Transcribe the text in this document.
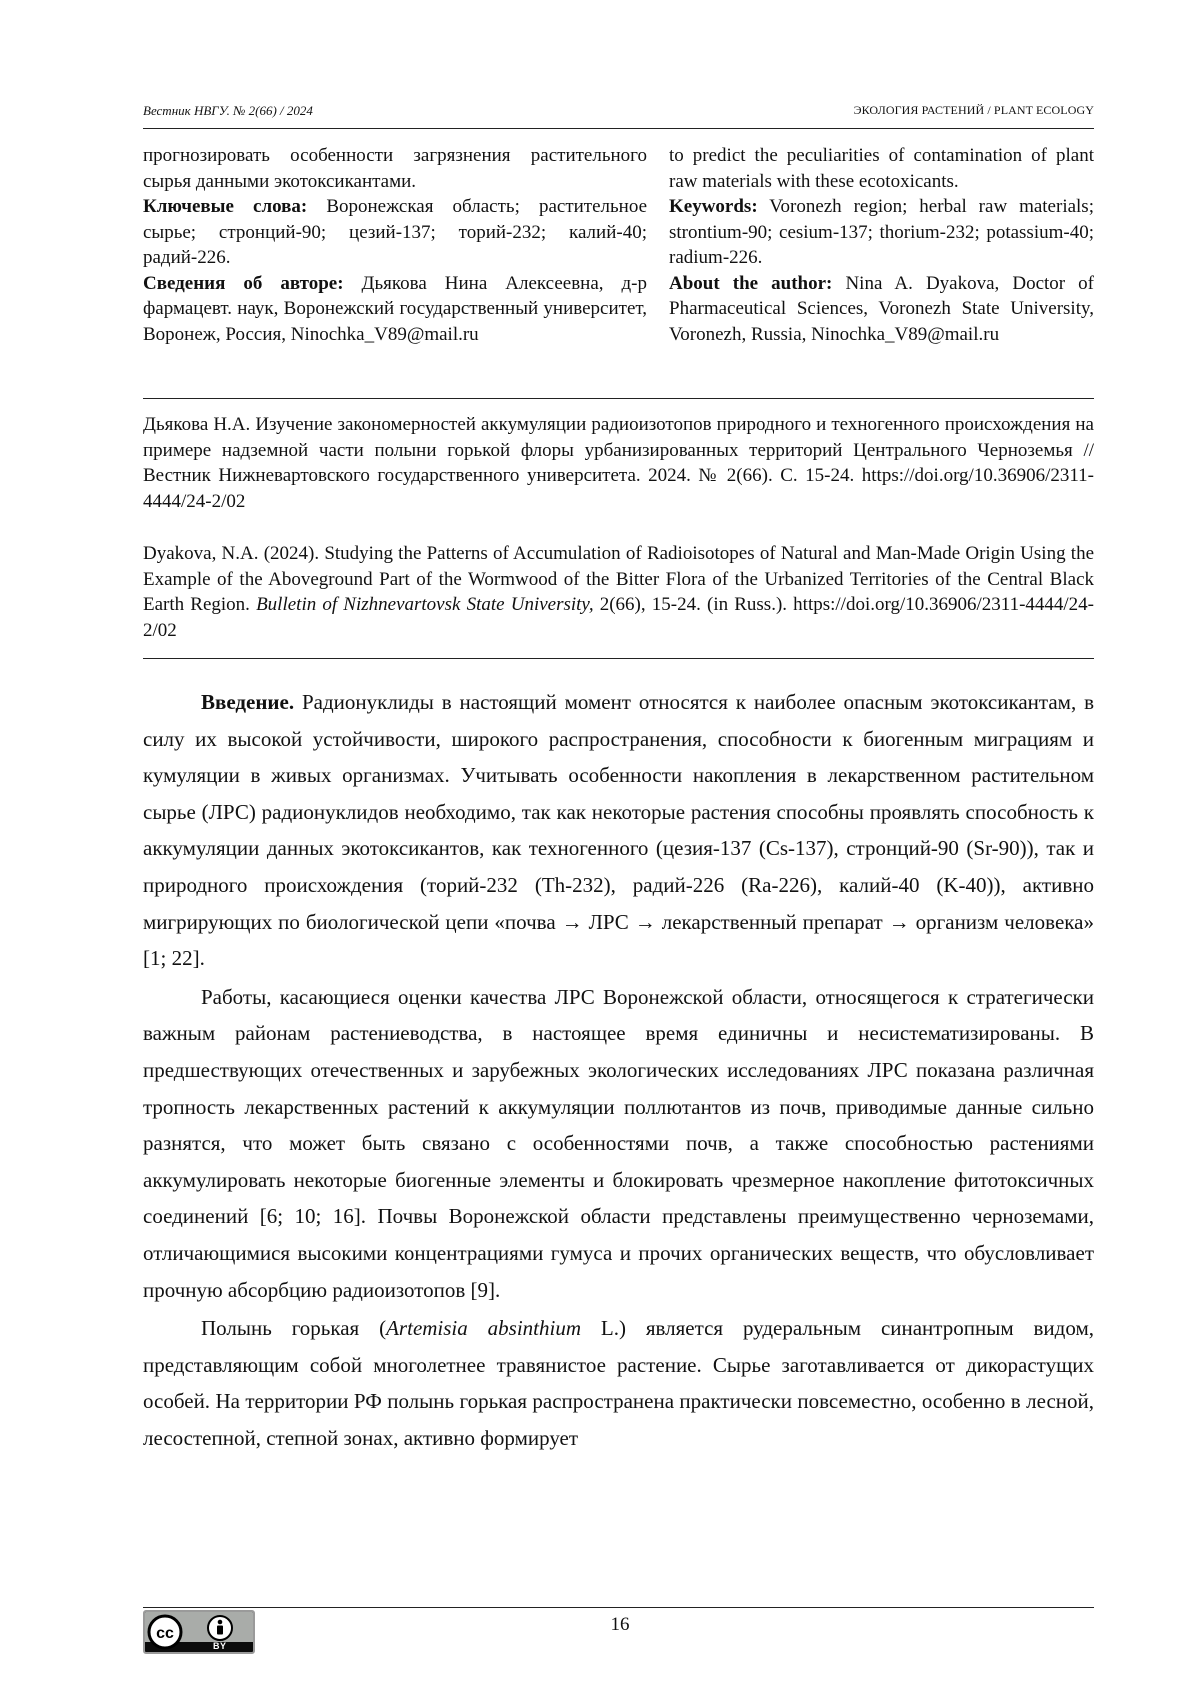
Вестник НВГУ. № 2(66) / 2024	ЭКОЛОГИЯ РАСТЕНИЙ / PLANT ECOLOGY

прогнозировать особенности загрязнения растительного сырья данными экотоксикантами.

Ключевые слова: Воронежская область; растительное сырье; стронций-90; цезий-137; торий-232; калий-40; радий-226.

Сведения об авторе: Дьякова Нина Алексеевна, д-р фармацевт. наук, Воронежский государственный университет, Воронеж, Россия, Ninochka_V89@mail.ru

to predict the peculiarities of contamination of plant raw materials with these ecotoxicants.

Keywords: Voronezh region; herbal raw materials; strontium-90; cesium-137; thorium-232; potassium-40; radium-226.

About the author: Nina A. Dyakova, Doctor of Pharmaceutical Sciences, Voronezh State University, Voronezh, Russia, Ninochka_V89@mail.ru

Дьякова Н.А. Изучение закономерностей аккумуляции радиоизотопов природного и техногенного происхождения на примере надземной части полыни горькой флоры урбанизированных территорий Центрального Черноземья // Вестник Нижневартовского государственного университета. 2024. № 2(66). С. 15-24. https://doi.org/10.36906/2311-4444/24-2/02

Dyakova, N.A. (2024). Studying the Patterns of Accumulation of Radioisotopes of Natural and Man-Made Origin Using the Example of the Aboveground Part of the Wormwood of the Bitter Flora of the Urbanized Territories of the Central Black Earth Region. Bulletin of Nizhnevartovsk State University, 2(66), 15-24. (in Russ.). https://doi.org/10.36906/2311-4444/24-2/02

Введение. Радионуклиды в настоящий момент относятся к наиболее опасным экотоксикантам, в силу их высокой устойчивости, широкого распространения, способности к биогенным миграциям и кумуляции в живых организмах. Учитывать особенности накопления в лекарственном растительном сырье (ЛРС) радионуклидов необходимо, так как некоторые растения способны проявлять способность к аккумуляции данных экотоксикантов, как техногенного (цезия-137 (Cs-137), стронций-90 (Sr-90)), так и природного происхождения (торий-232 (Th-232), радий-226 (Ra-226), калий-40 (K-40)), активно мигрирующих по биологической цепи «почва → ЛРС → лекарственный препарат → организм человека» [1; 22].

Работы, касающиеся оценки качества ЛРС Воронежской области, относящегося к стратегически важным районам растениеводства, в настоящее время единичны и несистематизированы. В предшествующих отечественных и зарубежных экологических исследованиях ЛРС показана различная тропность лекарственных растений к аккумуляции поллютантов из почв, приводимые данные сильно разнятся, что может быть связано с особенностями почв, а также способностью растениями аккумулировать некоторые биогенные элементы и блокировать чрезмерное накопление фитотоксичных соединений [6; 10; 16]. Почвы Воронежской области представлены преимущественно черноземами, отличающимися высокими концентрациями гумуса и прочих органических веществ, что обусловливает прочную абсорбцию радиоизотопов [9].

Полынь горькая (Artemisia absinthium L.) является рудеральным синантропным видом, представляющим собой многолетнее травянистое растение. Сырье заготавливается от дикорастущих особей. На территории РФ полынь горькая распространена практически повсеместно, особенно в лесной, лесостепной, степной зонах, активно формирует

cc
BY
16
